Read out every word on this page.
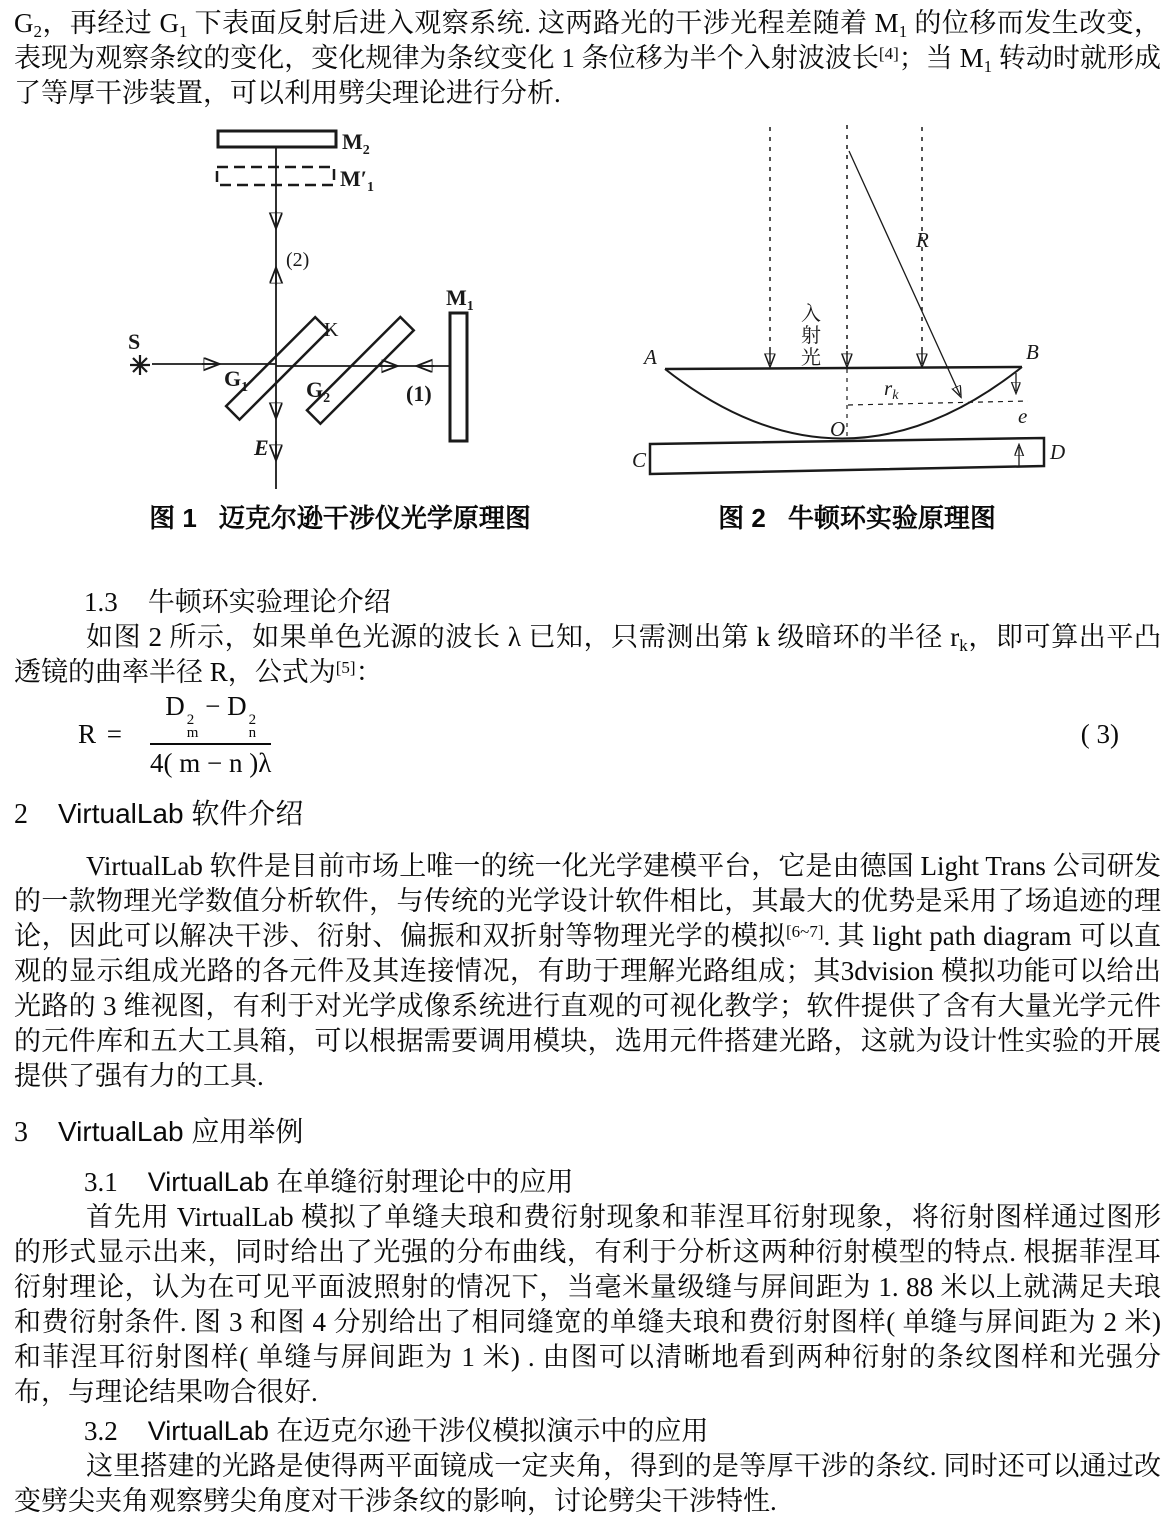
$G_2$，再经过 $G_1$ 下表面反射后进入观察系统. 这两路光的干涉光程差随着 $M_1$ 的位移而发生改变，表现为观察条纹的变化，变化规律为条纹变化 1 条位移为半个入射波波长[4]；当 $M_1$ 转动时就形成了等厚干涉装置，可以利用劈尖理论进行分析.

$M_2$
$M'_1$
(2)
S
$G_1$
K
$G_2$	(1)
$M_1$
E
R
入
射
光
A	B
rk
O
e
C	D
图 1 迈克尔逊干涉仪光学原理图	图 2 牛顿环实验原理图
1.3 牛顿环实验理论介绍

如图 2 所示，如果单色光源的波长 λ 已知，只需测出第 k 级暗环的半径 $r_k$，即可算出平凸透镜的曲率半径 R，公式为[5]：

R = D 2
m
− D 2
n
4( m − n )λ	( 3)
2 VirtualLab 软件介绍

VirtualLab 软件是目前市场上唯一的统一化光学建模平台，它是由德国 Light Trans 公司研发的一款物理光学数值分析软件，与传统的光学设计软件相比，其最大的优势是采用了场追迹的理论，因此可以解决干涉、衍射、偏振和双折射等物理光学的模拟[6~7]. 其 light path diagram 可以直观的显示组成光路的各元件及其连接情况，有助于理解光路组成；其3dvision 模拟功能可以给出光路的 3 维视图，有利于对光学成像系统进行直观的可视化教学；软件提供了含有大量光学元件的元件库和五大工具箱，可以根据需要调用模块，选用元件搭建光路，这就为设计性实验的开展提供了强有力的工具.

3 VirtualLab 应用举例
3.1 VirtualLab 在单缝衍射理论中的应用

首先用 VirtualLab 模拟了单缝夫琅和费衍射现象和菲涅耳衍射现象，将衍射图样通过图形的形式显示出来，同时给出了光强的分布曲线，有利于分析这两种衍射模型的特点. 根据菲涅耳衍射理论，认为在可见平面波照射的情况下，当毫米量级缝与屏间距为 1. 88 米以上就满足夫琅和费衍射条件. 图 3 和图 4 分别给出了相同缝宽的单缝夫琅和费衍射图样( 单缝与屏间距为 2 米) 和菲涅耳衍射图样( 单缝与屏间距为 1 米) . 由图可以清晰地看到两种衍射的条纹图样和光强分布，与理论结果吻合很好.

3.2 VirtualLab 在迈克尔逊干涉仪模拟演示中的应用

这里搭建的光路是使得两平面镜成一定夹角，得到的是等厚干涉的条纹. 同时还可以通过改变劈尖夹角观察劈尖角度对干涉条纹的影响，讨论劈尖干涉特性.
